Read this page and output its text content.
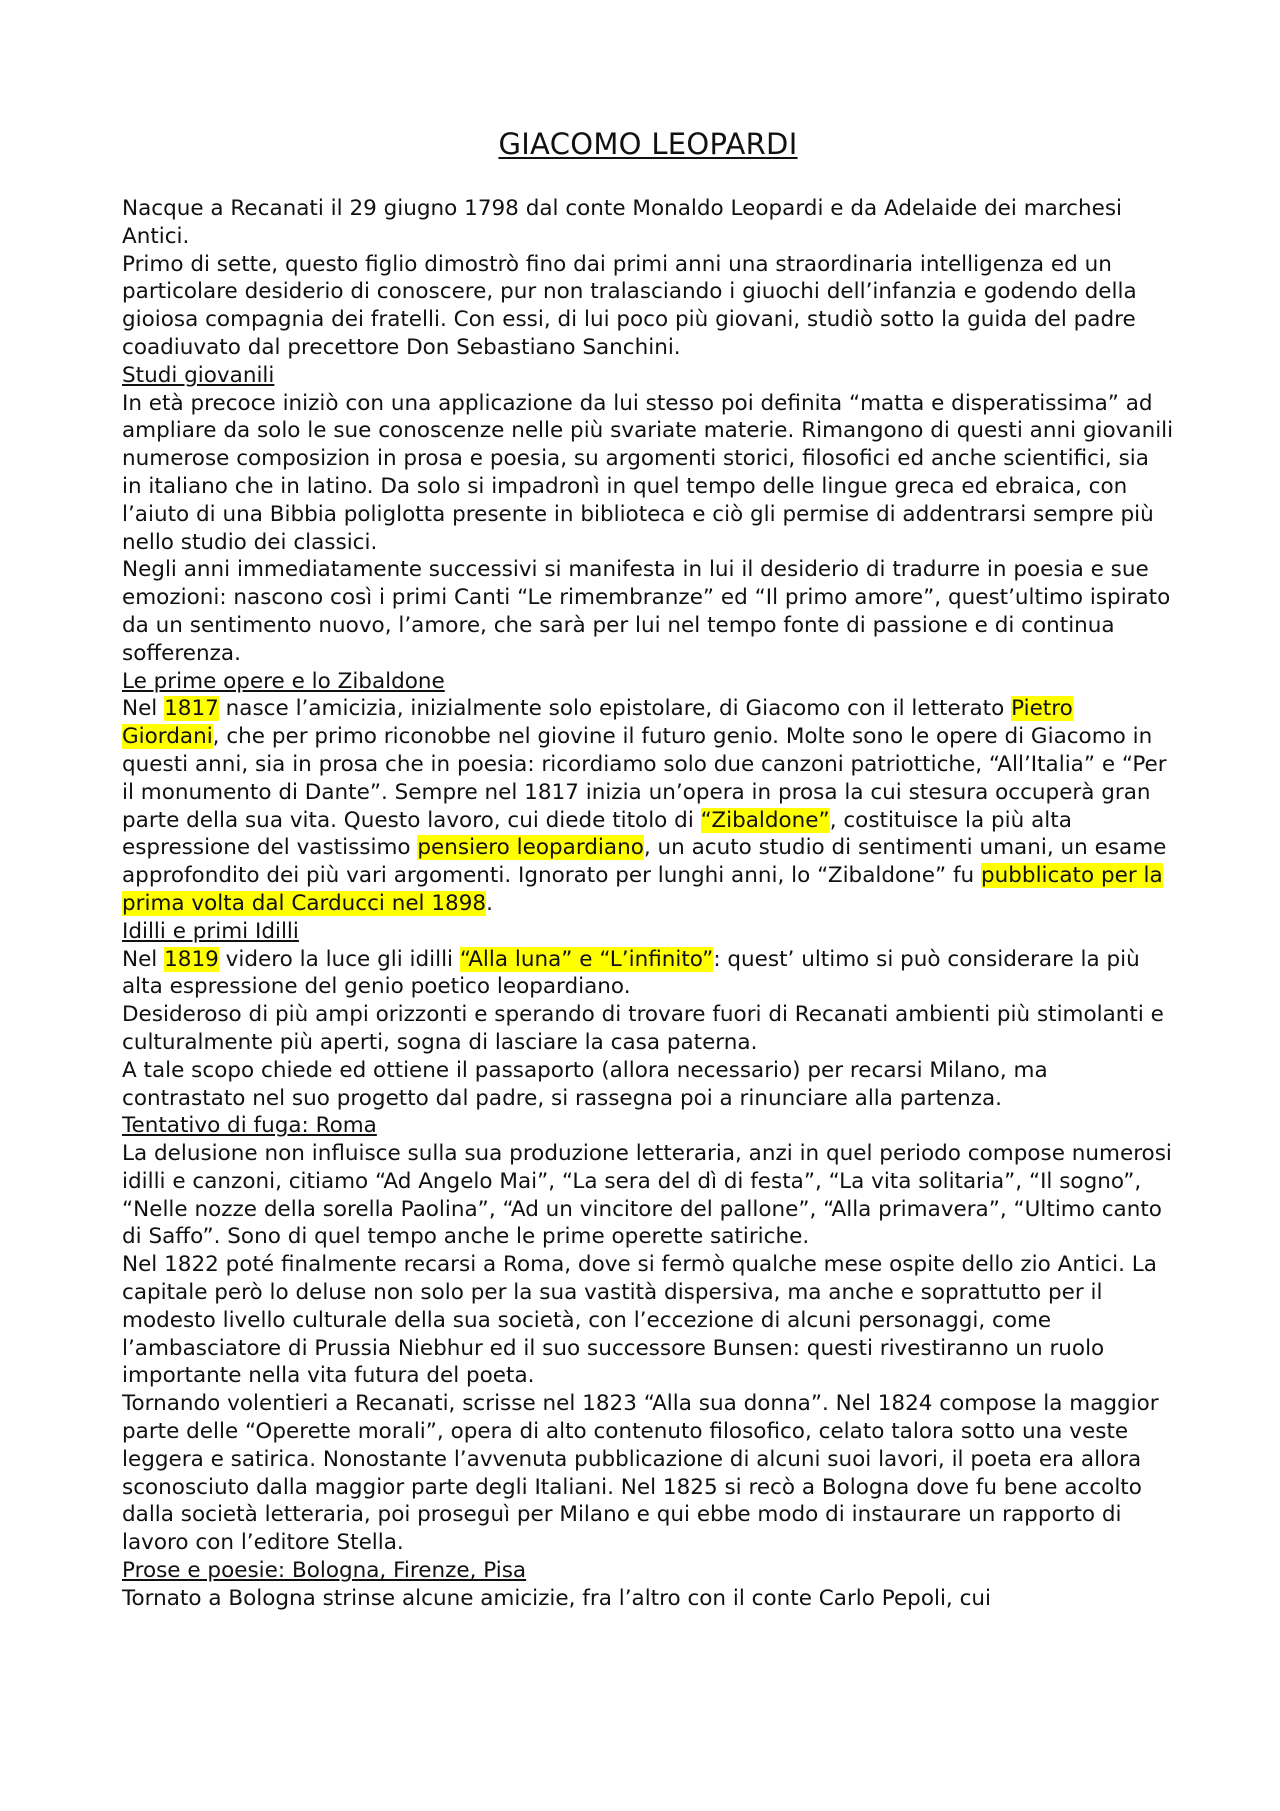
GIACOMO LEOPARDI

Nacque a Recanati il 29 giugno 1798 dal conte Monaldo Leopardi e da Adelaide dei marchesi Antici.

Primo di sette, questo figlio dimostrò fino dai primi anni una straordinaria intelligenza ed un particolare desiderio di conoscere, pur non tralasciando i giuochi dell’infanzia e godendo della gioiosa compagnia dei fratelli. Con essi, di lui poco più giovani, studiò sotto la guida del padre coadiuvato dal precettore Don Sebastiano Sanchini.

Studi giovanili

In età precoce iniziò con una applicazione da lui stesso poi definita “matta e disperatissima” ad ampliare da solo le sue conoscenze nelle più svariate materie. Rimangono di questi anni giovanili numerose composizion in prosa e poesia, su argomenti storici, filosofici ed anche scientifici, sia in italiano che in latino. Da solo si impadronì in quel tempo delle lingue greca ed ebraica, con l’aiuto di una Bibbia poliglotta presente in biblioteca e ciò gli permise di addentrarsi sempre più nello studio dei classici.

Negli anni immediatamente successivi si manifesta in lui il desiderio di tradurre in poesia e sue emozioni: nascono così i primi Canti “Le rimembranze” ed “Il primo amore”, quest’ultimo ispirato da un sentimento nuovo, l’amore, che sarà per lui nel tempo fonte di passione e di continua sofferenza.

Le prime opere e lo Zibaldone

Nel 1817 nasce l’amicizia, inizialmente solo epistolare, di Giacomo con il letterato Pietro Giordani, che per primo riconobbe nel giovine il futuro genio. Molte sono le opere di Giacomo in questi anni, sia in prosa che in poesia: ricordiamo solo due canzoni patriottiche, “All’Italia” e “Per il monumento di Dante”. Sempre nel 1817 inizia un’opera in prosa la cui stesura occuperà gran parte della sua vita. Questo lavoro, cui diede titolo di “Zibaldone”, costituisce la più alta espressione del vastissimo pensiero leopardiano, un acuto studio di sentimenti umani, un esame approfondito dei più vari argomenti. Ignorato per lunghi anni, lo “Zibaldone” fu pubblicato per la prima volta dal Carducci nel 1898.

Idilli e primi Idilli

Nel 1819 videro la luce gli idilli “Alla luna” e “L’infinito”: quest’ ultimo si può considerare la più alta espressione del genio poetico leopardiano.

Desideroso di più ampi orizzonti e sperando di trovare fuori di Recanati ambienti più stimolanti e culturalmente più aperti, sogna di lasciare la casa paterna.

A tale scopo chiede ed ottiene il passaporto (allora necessario) per recarsi Milano, ma contrastato nel suo progetto dal padre, si rassegna poi a rinunciare alla partenza.

Tentativo di fuga: Roma

La delusione non influisce sulla sua produzione letteraria, anzi in quel periodo compose numerosi idilli e canzoni, citiamo “Ad Angelo Mai”, “La sera del dì di festa”, “La vita solitaria”, “Il sogno”, “Nelle nozze della sorella Paolina”, “Ad un vincitore del pallone”, “Alla primavera”, “Ultimo canto di Saffo”. Sono di quel tempo anche le prime operette satiriche.

Nel 1822 poté finalmente recarsi a Roma, dove si fermò qualche mese ospite dello zio Antici. La capitale però lo deluse non solo per la sua vastità dispersiva, ma anche e soprattutto per il modesto livello culturale della sua società, con l’eccezione di alcuni personaggi, come l’ambasciatore di Prussia Niebhur ed il suo successore Bunsen: questi rivestiranno un ruolo importante nella vita futura del poeta.

Tornando volentieri a Recanati, scrisse nel 1823 “Alla sua donna”. Nel 1824 compose la maggior parte delle “Operette morali”, opera di alto contenuto filosofico, celato talora sotto una veste leggera e satirica. Nonostante l’avvenuta pubblicazione di alcuni suoi lavori, il poeta era allora sconosciuto dalla maggior parte degli Italiani. Nel 1825 si recò a Bologna dove fu bene accolto dalla società letteraria, poi proseguì per Milano e qui ebbe modo di instaurare un rapporto di lavoro con l’editore Stella.

Prose e poesie: Bologna, Firenze, Pisa

Tornato a Bologna strinse alcune amicizie, fra l’altro con il conte Carlo Pepoli, cui
